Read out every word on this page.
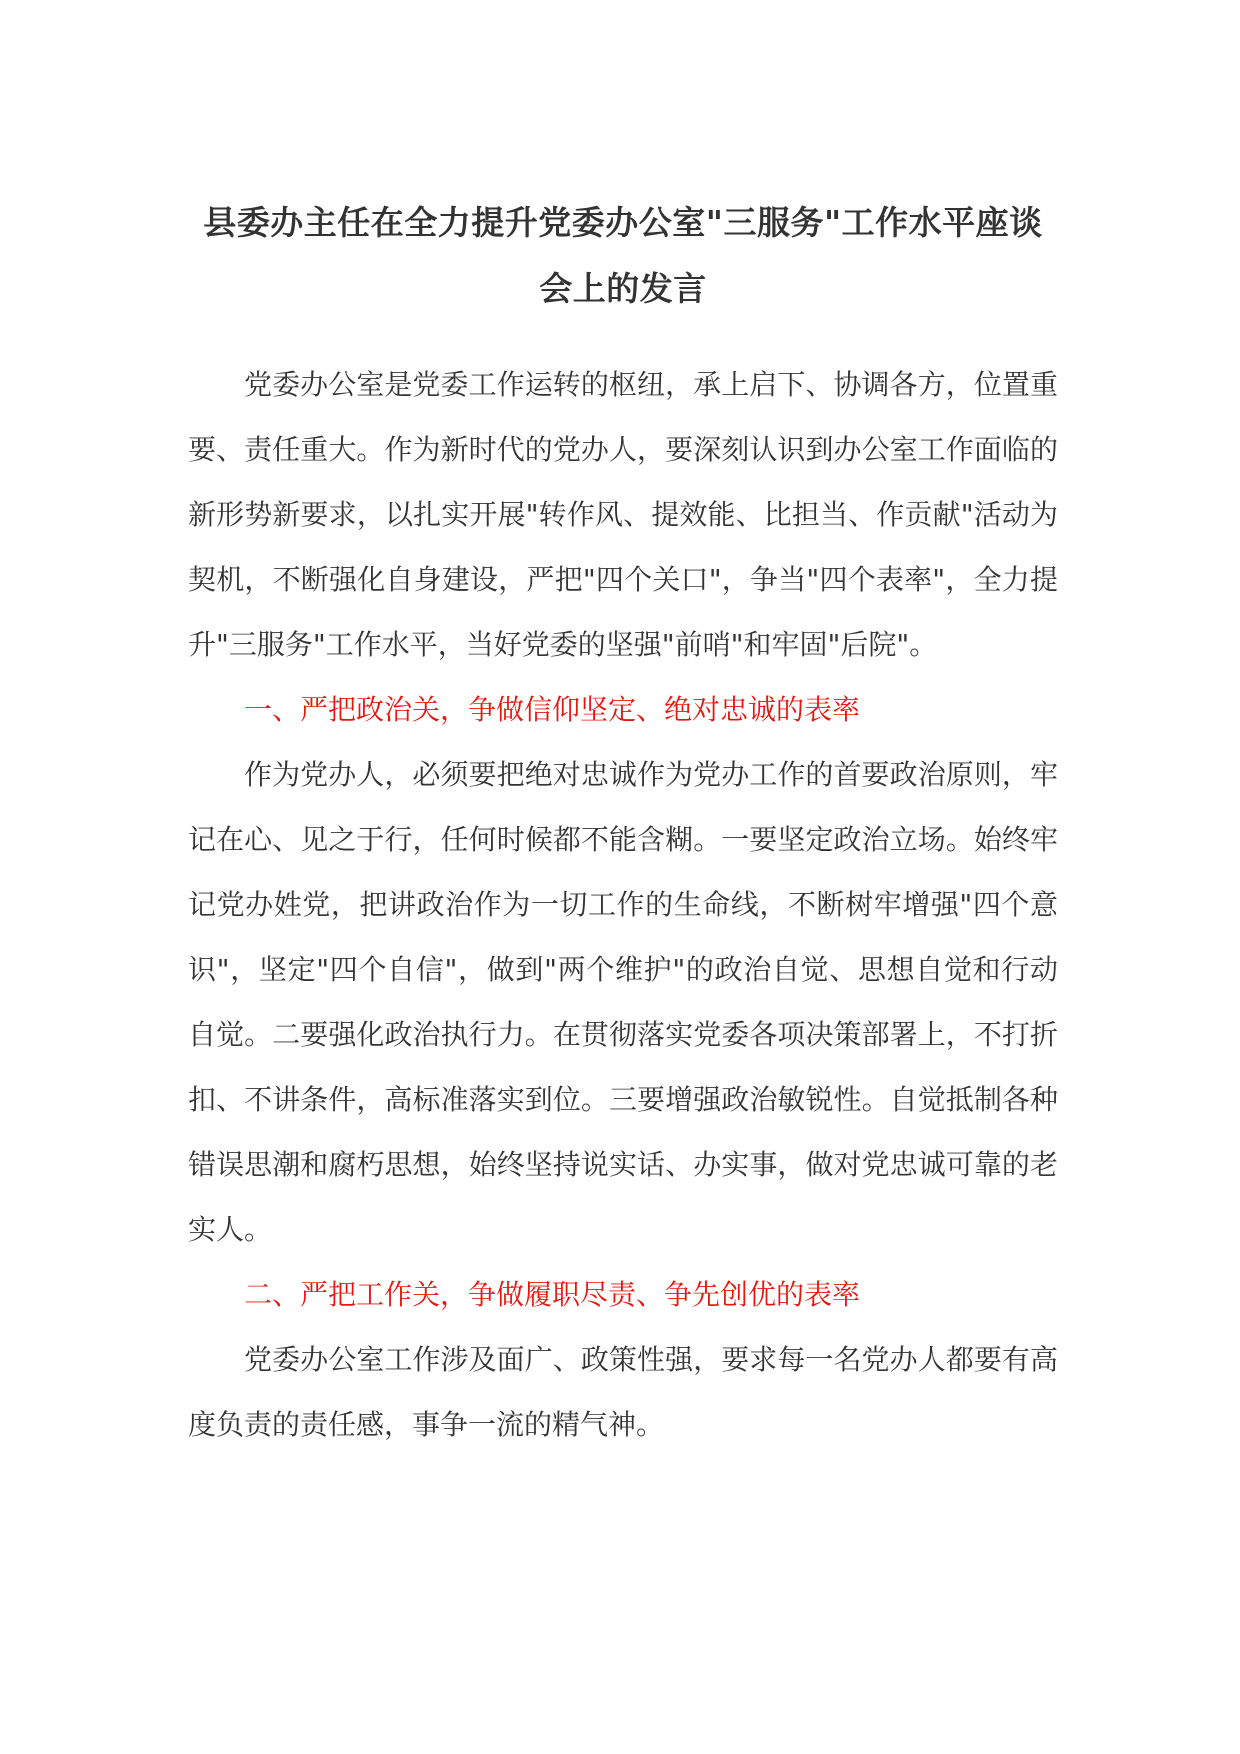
县委办主任在全力提升党委办公室"三服务"工作水平座谈会上的发言

党委办公室是党委工作运转的枢纽，承上启下、协调各方，位置重要、责任重大。作为新时代的党办人，要深刻认识到办公室工作面临的新形势新要求，以扎实开展"转作风、提效能、比担当、作贡献"活动为契机，不断强化自身建设，严把"四个关口"，争当"四个表率"，全力提升"三服务"工作水平，当好党委的坚强"前哨"和牢固"后院"。

一、严把政治关，争做信仰坚定、绝对忠诚的表率

作为党办人，必须要把绝对忠诚作为党办工作的首要政治原则，牢记在心、见之于行，任何时候都不能含糊。一要坚定政治立场。始终牢记党办姓党，把讲政治作为一切工作的生命线，不断树牢增强"四个意识"，坚定"四个自信"，做到"两个维护"的政治自觉、思想自觉和行动自觉。二要强化政治执行力。在贯彻落实党委各项决策部署上，不打折扣、不讲条件，高标准落实到位。三要增强政治敏锐性。自觉抵制各种错误思潮和腐朽思想，始终坚持说实话、办实事，做对党忠诚可靠的老实人。

二、严把工作关，争做履职尽责、争先创优的表率

党委办公室工作涉及面广、政策性强，要求每一名党办人都要有高度负责的责任感，事争一流的精气神。
